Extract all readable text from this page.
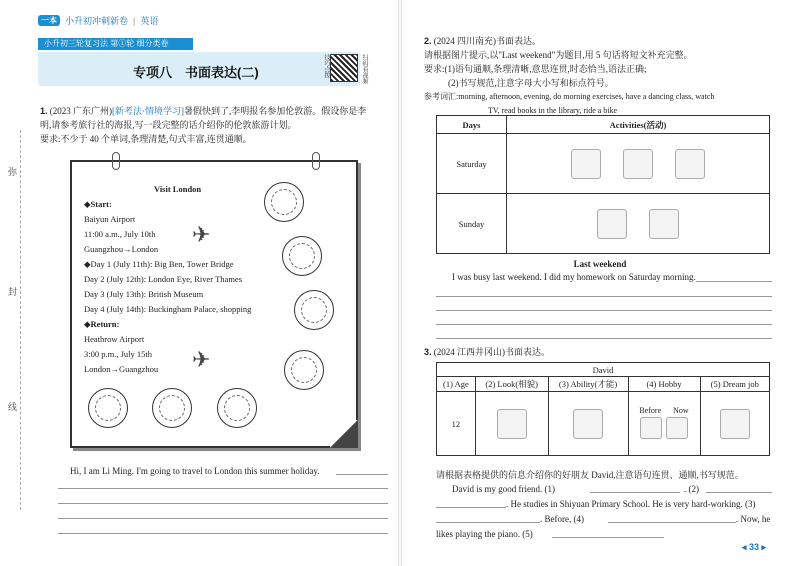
一本 小升初冲刺新卷 | 英语
小升初三轮复习法 第①轮 细分类卷
专项八　书面表达(二)	技巧点拨	扫码看视频
弥
封
线
1. (2023 广东广州)[新考法·情境学习]暑假快到了,李明报名参加伦敦游。假设你是李
明,请参考旅行社的海报,写一段完整的话介绍你的伦敦旅游计划。
要求:不少于 40 个单词,条理清楚,句式丰富,连贯通顺。
Visit London
◆Start:
Baiyun Airport
11:00 a.m., July 10th
Guangzhou→London
◆Day 1 (July 11th): Big Ben, Tower Bridge
Day 2 (July 12th): London Eye, River Thames
Day 3 (July 13th): British Museum
Day 4 (July 14th): Buckingham Palace, shopping
◆Return:
Heathrow Airport
3:00 p.m., July 15th
London→Guangzhou
✈
✈
Hi, I am Li Ming. I'm going to travel to London this summer holiday.
2. (2024 四川南充)书面表达。
请根据图片提示,以"Last weekend"为题目,用 5 句话将短文补充完整。
要求:(1)语句通顺,条理清晰,意思连贯,时态恰当,语法正确;
(2)书写规范,注意字母大小写和标点符号。
参考词汇:morning, afternoon, evening, do morning exercises, have a dancing class, watch
TV, read books in the library, ride a bike
Days	Activities(活动)
Saturday	
Sunday	
Last weekend
I was busy last weekend. I did my homework on Saturday morning.
3. (2024 江西井冈山)书面表达。
David				
(1) Age	(2) Look(相貌)	(3) Ability(才能)	(4) Hobby	(5) Dream job
12			Before Now

请根据表格提供的信息介绍你的好朋友 David,注意语句连贯、通顺,书写规范。
David is my good friend. (1)	. (2)
. He studies in Shiyuan Primary School. He is very hard-working. (3)
. Before, (4)	. Now, he
likes playing the piano. (5)
◂ 33 ▸
